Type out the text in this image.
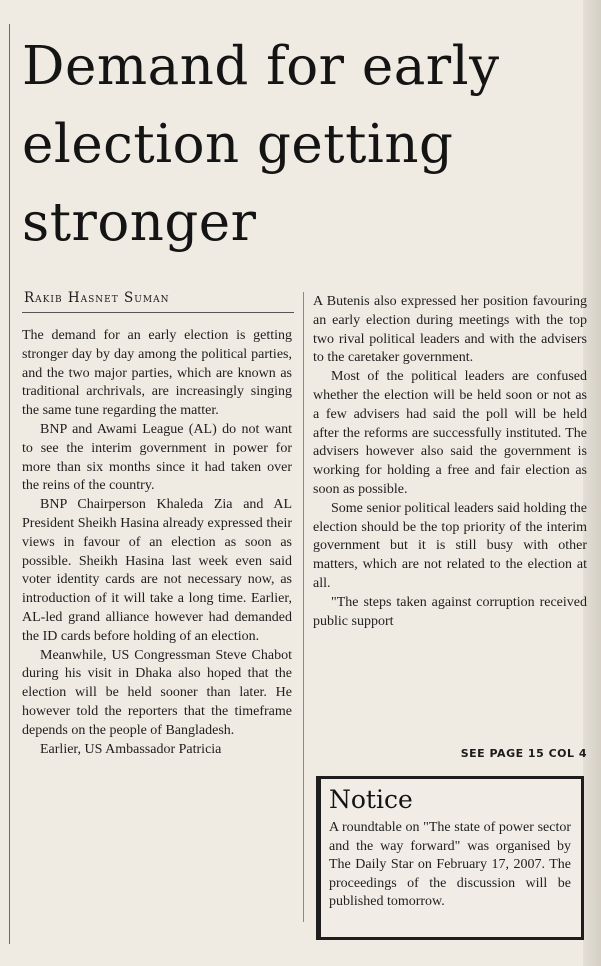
Demand for early election getting stronger
Rakib Hasnet Suman

The demand for an early election is getting stronger day by day among the political parties, and the two major parties, which are known as traditional archrivals, are increasingly singing the same tune regarding the matter.

BNP and Awami League (AL) do not want to see the interim government in power for more than six months since it had taken over the reins of the country.

BNP Chairperson Khaleda Zia and AL President Sheikh Hasina already expressed their views in favour of an election as soon as possible. Sheikh Hasina last week even said voter identity cards are not necessary now, as introduction of it will take a long time. Earlier, AL-led grand alliance however had demanded the ID cards before holding of an election.

Meanwhile, US Congressman Steve Chabot during his visit in Dhaka also hoped that the election will be held sooner than later. He however told the reporters that the timeframe depends on the people of Bangladesh.

Earlier, US Ambassador Patricia

A Butenis also expressed her position favouring an early election during meetings with the top two rival political leaders and with the advisers to the caretaker government.

Most of the political leaders are confused whether the election will be held soon or not as a few advisers had said the poll will be held after the reforms are successfully instituted. The advisers however also said the government is working for holding a free and fair election as soon as possible.

Some senior political leaders said holding the election should be the top priority of the interim government but it is still busy with other matters, which are not related to the election at all.

"The steps taken against corruption received public support

SEE PAGE 15 COL 4
Notice
A roundtable on "The state of power sector and the way forward" was organised by The Daily Star on February 17, 2007. The proceedings of the discussion will be published tomorrow.
